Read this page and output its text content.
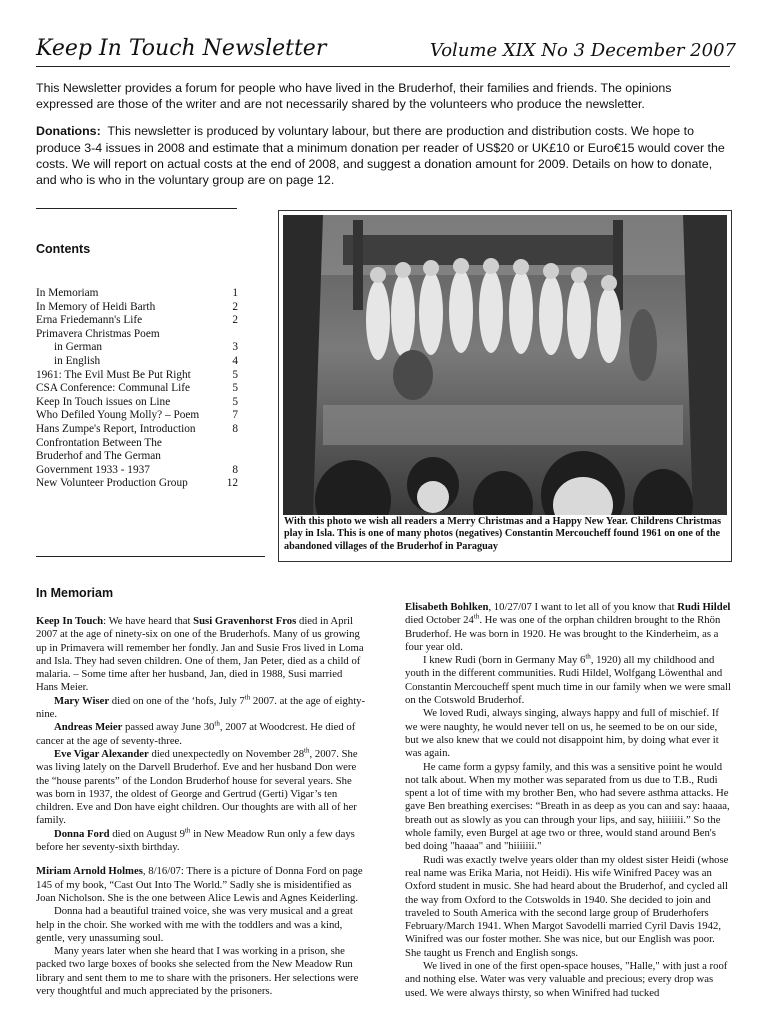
Keep In Touch Newsletter	Volume XIX No 3 December 2007

This Newsletter provides a forum for people who have lived in the Bruderhof, their families and friends. The opinions expressed are those of the writer and are not necessarily shared by the volunteers who produce the newsletter.

Donations: This newsletter is produced by voluntary labour, but there are production and distribution costs. We hope to produce 3-4 issues in 2008 and estimate that a minimum donation per reader of US$20 or UK£10 or Euro€15 would cover the costs. We will report on actual costs at the end of 2008, and suggest a donation amount for 2009. Details on how to donate, and who is who in the voluntary group are on page 12.

Contents
In Memoriam	1
In Memory of Heidi Barth	2
Erna Friedemann's Life	2
Primavera Christmas Poem
in German	3
in English	4
1961: The Evil Must Be Put Right	5
CSA Conference: Communal Life	5
Keep In Touch issues on Line	5
Who Defiled Young Molly? – Poem	7
Hans Zumpe's Report, Introduction	8
Confrontation Between The
Bruderhof and The German
Government 1933 - 1937	8
New Volunteer Production Group	12
With this photo we wish all readers a Merry Christmas and a Happy New Year. Childrens Christmas play in Isla. This is one of many photos (negatives) Constantin Mercoucheff found 1961 on one of the abandoned villages of the Bruderhof in Paraguay
In Memoriam

Keep In Touch: We have heard that Susi Gravenhorst Fros died in April 2007 at the age of ninety-six on one of the Bruderhofs. Many of us growing up in Primavera will remember her fondly. Jan and Susie Fros lived in Loma and Isla. They had seven children. One of them, Jan Peter, died as a child of malaria. – Some time after her husband, Jan, died in 1988, Susi married Hans Meier.

Mary Wiser died on one of the ‘hofs, July 7th 2007. at the age of eighty-nine.

Andreas Meier passed away June 30th, 2007 at Woodcrest. He died of cancer at the age of seventy-three.

Eve Vigar Alexander died unexpectedly on November 28th, 2007. She was living lately on the Darvell Bruderhof. Eve and her husband Don were the “house parents” of the London Bruderhof house for several years. She was born in 1937, the oldest of George and Gertrud (Gerti) Vigar’s ten children. Eve and Don have eight children. Our thoughts are with all of her family.

Donna Ford died on August 9th in New Meadow Run only a few days before her seventy-sixth birthday.

Miriam Arnold Holmes, 8/16/07: There is a picture of Donna Ford on page 145 of my book, “Cast Out Into The World.” Sadly she is misidentified as Joan Nicholson. She is the one between Alice Lewis and Agnes Keiderling.

Donna had a beautiful trained voice, she was very musical and a great help in the choir. She worked with me with the toddlers and was a kind, gentle, very unassuming soul.

Many years later when she heard that I was working in a prison, she packed two large boxes of books she selected from the New Meadow Run library and sent them to me to share with the prisoners. Her selections were very thoughtful and much appreciated by the prisoners.

Elisabeth Bohlken, 10/27/07 I want to let all of you know that Rudi Hildel died October 24th. He was one of the orphan children brought to the Rhön Bruderhof. He was born in 1920. He was brought to the Kinderheim, as a four year old.

I knew Rudi (born in Germany May 6th, 1920) all my childhood and youth in the different communities. Rudi Hildel, Wolfgang Löwenthal and Constantin Mercoucheff spent much time in our family when we were small on the Cotswold Bruderhof.

We loved Rudi, always singing, always happy and full of mischief. If we were naughty, he would never tell on us, he seemed to be on our side, but we also knew that we could not disappoint him, by doing what ever it was again.

He came form a gypsy family, and this was a sensitive point he would not talk about. When my mother was separated from us due to T.B., Rudi spent a lot of time with my brother Ben, who had severe asthma attacks. He gave Ben breathing exercises: “Breath in as deep as you can and say: haaaa, breath out as slowly as you can through your lips, and say, hiiiiiii.” So the whole family, even Burgel at age two or three, would stand around Ben's bed doing "haaaa" and "hiiiiiii."

Rudi was exactly twelve years older than my oldest sister Heidi (whose real name was Erika Maria, not Heidi). His wife Winifred Pacey was an Oxford student in music. She had heard about the Bruderhof, and cycled all the way from Oxford to the Cotswolds in 1940. She decided to join and traveled to South America with the second large group of Bruderhofers February/March 1941. When Margot Savodelli married Cyril Davis 1942, Winifred was our foster mother. She was nice, but our English was poor. She taught us French and English songs.

We lived in one of the first open-space houses, "Halle," with just a roof and nothing else. Water was very valuable and precious; every drop was used. We were always thirsty, so when Winifred had tucked
